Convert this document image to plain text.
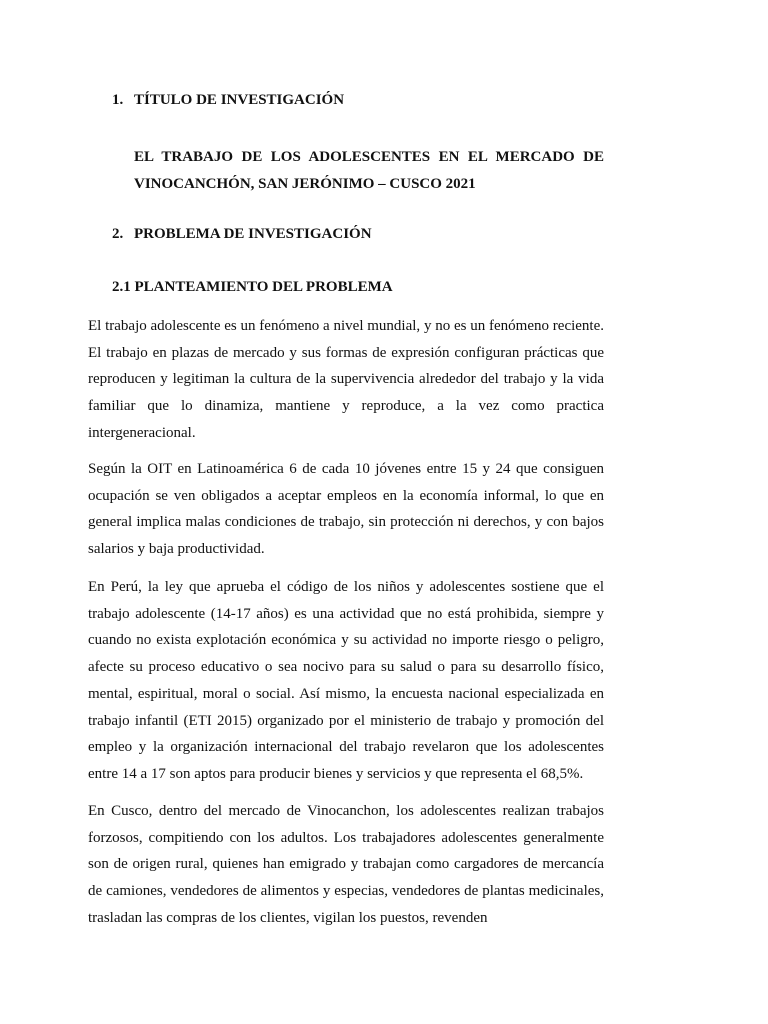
1. TÍTULO DE INVESTIGACIÓN

EL TRABAJO DE LOS ADOLESCENTES EN EL MERCADO DE VINOCANCHÓN, SAN JERÓNIMO – CUSCO 2021

2. PROBLEMA DE INVESTIGACIÓN
2.1 PLANTEAMIENTO DEL PROBLEMA

El trabajo adolescente es un fenómeno a nivel mundial, y no es un fenómeno reciente. El trabajo en plazas de mercado y sus formas de expresión configuran prácticas que reproducen y legitiman la cultura de la supervivencia alrededor del trabajo y la vida familiar que lo dinamiza, mantiene y reproduce, a la vez como practica intergeneracional.

Según la OIT en Latinoamérica 6 de cada 10 jóvenes entre 15 y 24 que consiguen ocupación se ven obligados a aceptar empleos en la economía informal, lo que en general implica malas condiciones de trabajo, sin protección ni derechos, y con bajos salarios y baja productividad.

En Perú, la ley que aprueba el código de los niños y adolescentes sostiene que el trabajo adolescente (14-17 años) es una actividad que no está prohibida, siempre y cuando no exista explotación económica y su actividad no importe riesgo o peligro, afecte su proceso educativo o sea nocivo para su salud o para su desarrollo físico, mental, espiritual, moral o social. Así mismo, la encuesta nacional especializada en trabajo infantil (ETI 2015) organizado por el ministerio de trabajo y promoción del empleo y la organización internacional del trabajo revelaron que los adolescentes entre 14 a 17 son aptos para producir bienes y servicios y que representa el 68,5%.

En Cusco, dentro del mercado de Vinocanchon, los adolescentes realizan trabajos forzosos, compitiendo con los adultos. Los trabajadores adolescentes generalmente son de origen rural, quienes han emigrado y trabajan como cargadores de mercancía de camiones, vendedores de alimentos y especias, vendedores de plantas medicinales, trasladan las compras de los clientes, vigilan los puestos, revenden
